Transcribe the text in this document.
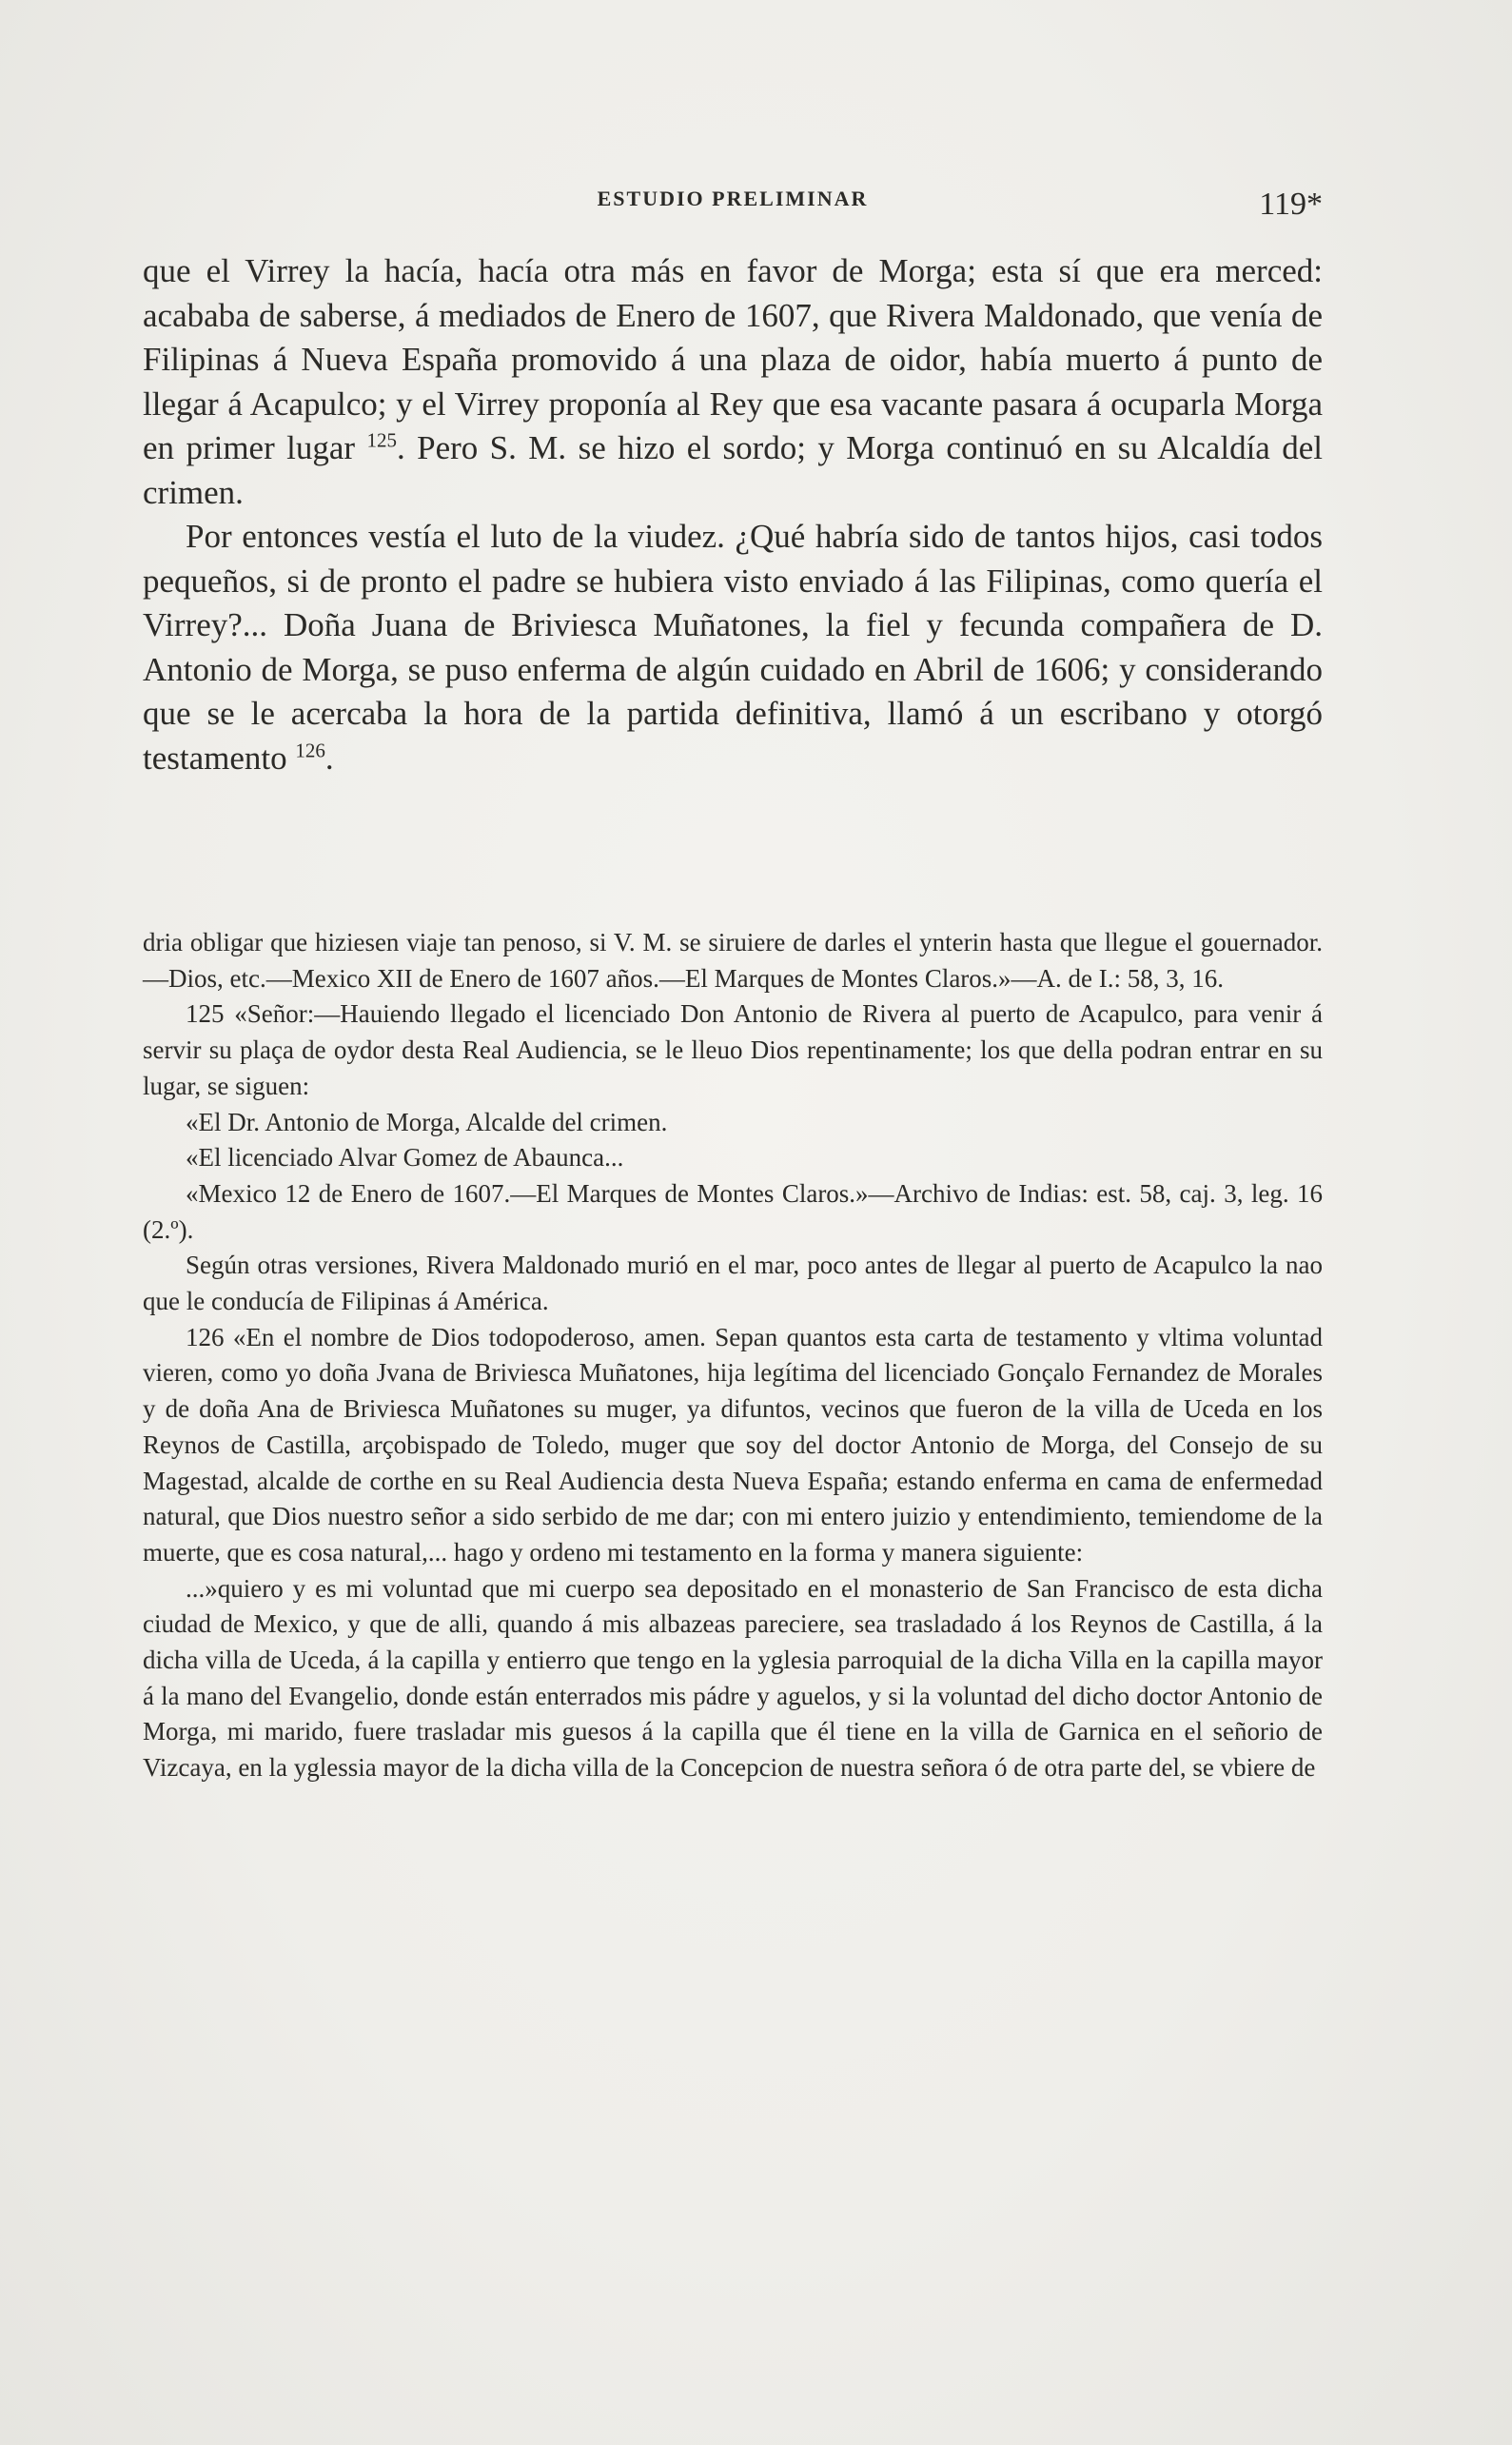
ESTUDIO PRELIMINAR	119*

que el Virrey la hacía, hacía otra más en favor de Morga; esta sí que era merced: acababa de saberse, á mediados de Enero de 1607, que Rivera Maldonado, que venía de Filipinas á Nueva España promovido á una plaza de oidor, había muerto á punto de llegar á Acapulco; y el Virrey proponía al Rey que esa vacante pasara á ocuparla Morga en primer lugar $^{125}$. Pero S. M. se hizo el sordo; y Morga continuó en su Alcaldía del crimen.

Por entonces vestía el luto de la viudez. ¿Qué habría sido de tantos hijos, casi todos pequeños, si de pronto el padre se hubiera visto enviado á las Filipinas, como quería el Virrey?... Doña Juana de Briviesca Muñatones, la fiel y fecunda compañera de D. Antonio de Morga, se puso enferma de algún cuidado en Abril de 1606; y considerando que se le acercaba la hora de la partida definitiva, llamó á un escribano y otorgó testamento $^{126}$.

dria obligar que hiziesen viaje tan penoso, si V. M. se siruiere de darles el ynterin hasta que llegue el gouernador.—Dios, etc.—Mexico XII de Enero de 1607 años.—El Marques de Montes Claros.»—A. de I.: 58, 3, 16.

125 «Señor:—Hauiendo llegado el licenciado Don Antonio de Rivera al puerto de Acapulco, para venir á servir su plaça de oydor desta Real Audiencia, se le lleuo Dios repentinamente; los que della podran entrar en su lugar, se siguen:

«El Dr. Antonio de Morga, Alcalde del crimen.

«El licenciado Alvar Gomez de Abaunca...

«Mexico 12 de Enero de 1607.—El Marques de Montes Claros.»—Archivo de Indias: est. 58, caj. 3, leg. 16 (2.º).

Según otras versiones, Rivera Maldonado murió en el mar, poco antes de llegar al puerto de Acapulco la nao que le conducía de Filipinas á América.

126 «En el nombre de Dios todopoderoso, amen. Sepan quantos esta carta de testamento y vltima voluntad vieren, como yo doña Jvana de Briviesca Muñatones, hija legítima del licenciado Gonçalo Fernandez de Morales y de doña Ana de Briviesca Muñatones su muger, ya difuntos, vecinos que fueron de la villa de Uceda en los Reynos de Castilla, arçobispado de Toledo, muger que soy del doctor Antonio de Morga, del Consejo de su Magestad, alcalde de corthe en su Real Audiencia desta Nueva España; estando enferma en cama de enfermedad natural, que Dios nuestro señor a sido serbido de me dar; con mi entero juizio y entendimiento, temiendome de la muerte, que es cosa natural,... hago y ordeno mi testamento en la forma y manera siguiente:

...»quiero y es mi voluntad que mi cuerpo sea depositado en el monasterio de San Francisco de esta dicha ciudad de Mexico, y que de alli, quando á mis albazeas pareciere, sea trasladado á los Reynos de Castilla, á la dicha villa de Uceda, á la capilla y entierro que tengo en la yglesia parroquial de la dicha Villa en la capilla mayor á la mano del Evangelio, donde están enterrados mis pádre y aguelos, y si la voluntad del dicho doctor Antonio de Morga, mi marido, fuere trasladar mis guesos á la capilla que él tiene en la villa de Garnica en el señorio de Vizcaya, en la yglessia mayor de la dicha villa de la Concepcion de nuestra señora ó de otra parte del, se vbiere de
